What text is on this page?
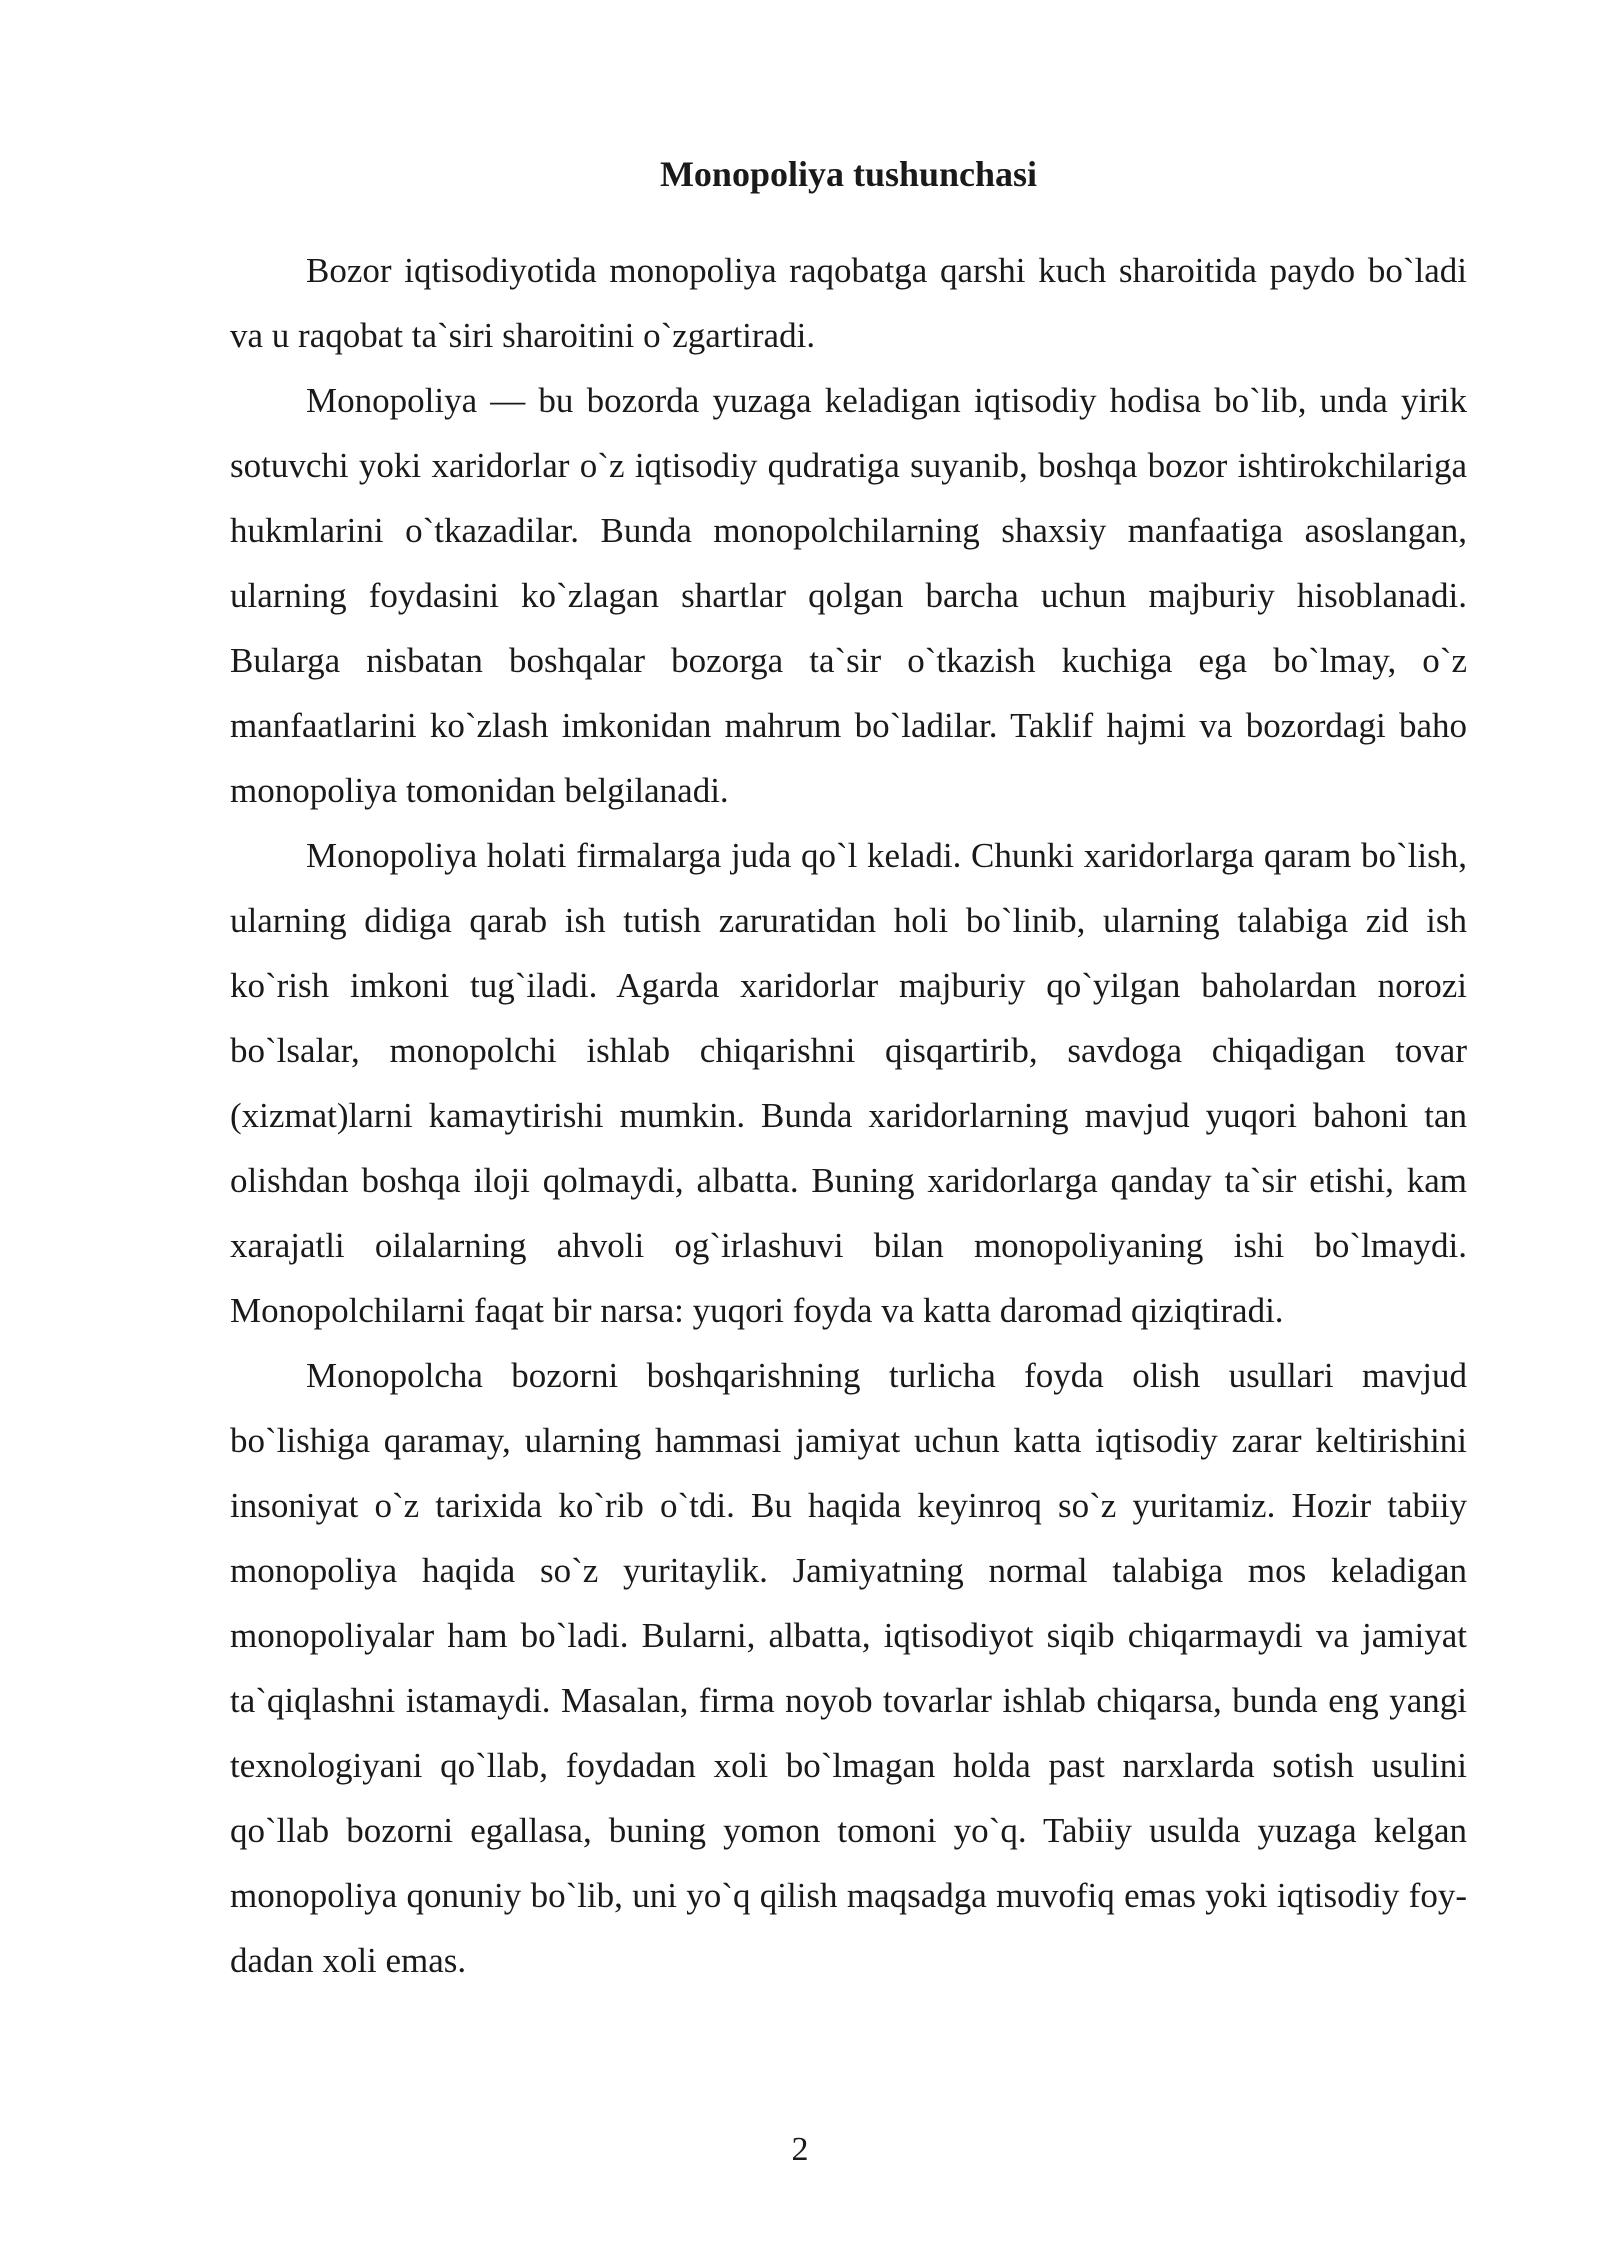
Monopoliya tushunchasi

Bozor iqtisodiyotida monopoliya raqobatga qarshi kuch sharoitida paydo bo`ladi va u raqobat ta`siri sharoitini o`zgartiradi.

Monopoliya — bu bozorda yuzaga keladigan iqtisodiy hodisa bo`lib, unda yirik sotuvchi yoki xaridorlar o`z iqtisodiy qudratiga suyanib, boshqa bozor ishtirokchilariga hukmlarini o`tkazadilar. Bunda monopolchilarning shaxsiy manfaatiga asoslangan, ularning foydasini ko`zlagan shartlar qolgan barcha uchun majburiy hisoblanadi. Bularga nisbatan boshqalar bozorga ta`sir o`tkazish kuchiga ega bo`lmay, o`z manfaatlarini ko`zlash imkonidan mahrum bo`ladilar. Taklif hajmi va bozordagi baho monopoliya tomonidan belgilanadi.

Monopoliya holati firmalarga juda qo`l keladi. Chunki xaridorlarga qaram bo`lish, ularning didiga qarab ish tutish zaruratidan holi bo`linib, ularning talabiga zid ish ko`rish imkoni tug`iladi. Agarda xaridorlar majburiy qo`yilgan baholardan norozi bo`lsalar, monopolchi ishlab chiqarishni qisqartirib, savdoga chiqadigan tovar (xizmat)larni kamaytirishi mumkin. Bunda xaridorlarning mavjud yuqori bahoni tan olishdan boshqa iloji qolmaydi, albatta. Buning xaridorlarga qanday ta`sir etishi, kam xarajatli oilalarning ahvoli og`irlashuvi bilan monopoliyaning ishi bo`lmaydi. Monopolchilarni faqat bir narsa: yuqori foyda va katta daromad qiziqtiradi.

Monopolcha bozorni boshqarishning turlicha foyda olish usullari mavjud bo`lishiga qaramay, ularning hammasi jamiyat uchun katta iqtisodiy zarar keltirishini insoniyat o`z tarixida ko`rib o`tdi. Bu haqida keyinroq so`z yuritamiz. Hozir tabiiy monopoliya haqida so`z yuritaylik. Jamiyatning normal talabiga mos keladigan monopoliyalar ham bo`ladi. Bularni, albatta, iqtisodiyot siqib chiqarmaydi va jamiyat ta`qiqlashni istamaydi. Masalan, firma noyob tovarlar ishlab chiqarsa, bunda eng yangi texnologiyani qo`llab, foydadan xoli bo`lmagan holda past narxlarda sotish usulini qo`llab bozorni egallasa, buning yomon tomoni yo`q. Tabiiy usulda yuzaga kelgan monopoliya qonuniy bo`lib, uni yo`q qilish maqsadga muvofiq emas yoki iqtisodiy foy-dadan xoli emas.

2
